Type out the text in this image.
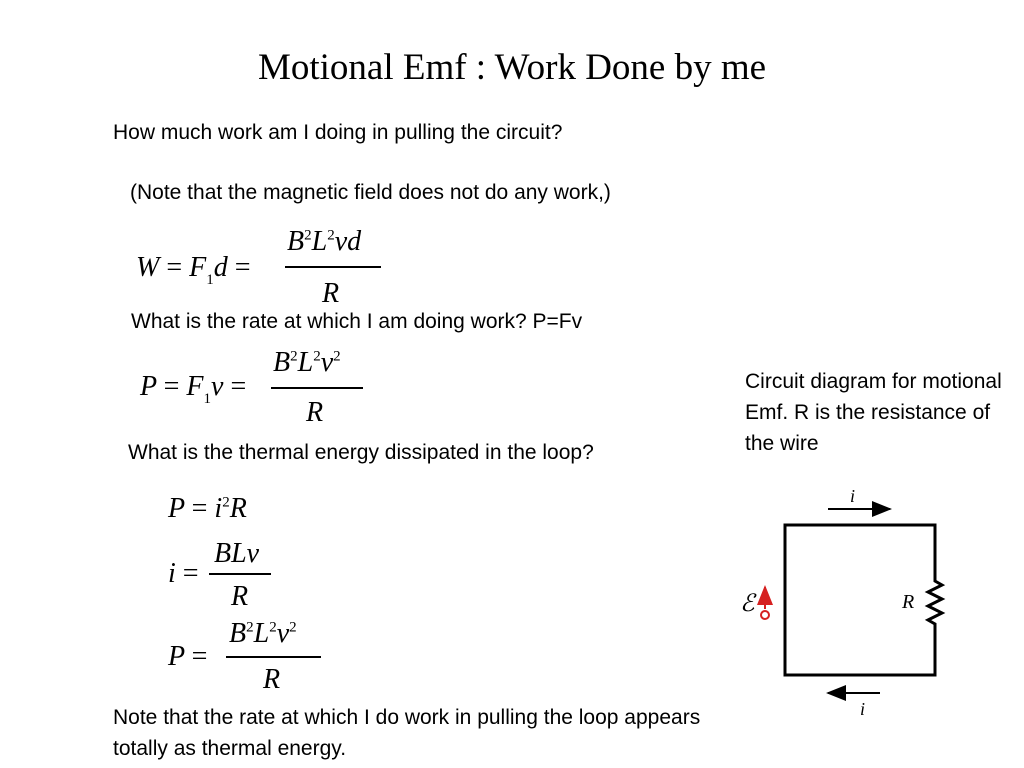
Motional Emf : Work Done by me
How much work am I doing in pulling the circuit?
(Note that the magnetic field does not do any work,)
$W = F_1d$ =
$B^2L^2vd$
R
What is the rate at which I am doing work? P=Fv
$P = F_1v$ =
$B^2L^2v^2$
R
What is the thermal energy dissipated in the loop?
$P = i^2R$
i =
BLv
R
P =
$B^2L^2v^2$
R
Note that the rate at which I do work in pulling the loop appears totally as thermal energy.
Circuit diagram for motional Emf. R is the resistance of the wire
i
i
R
ℰ
